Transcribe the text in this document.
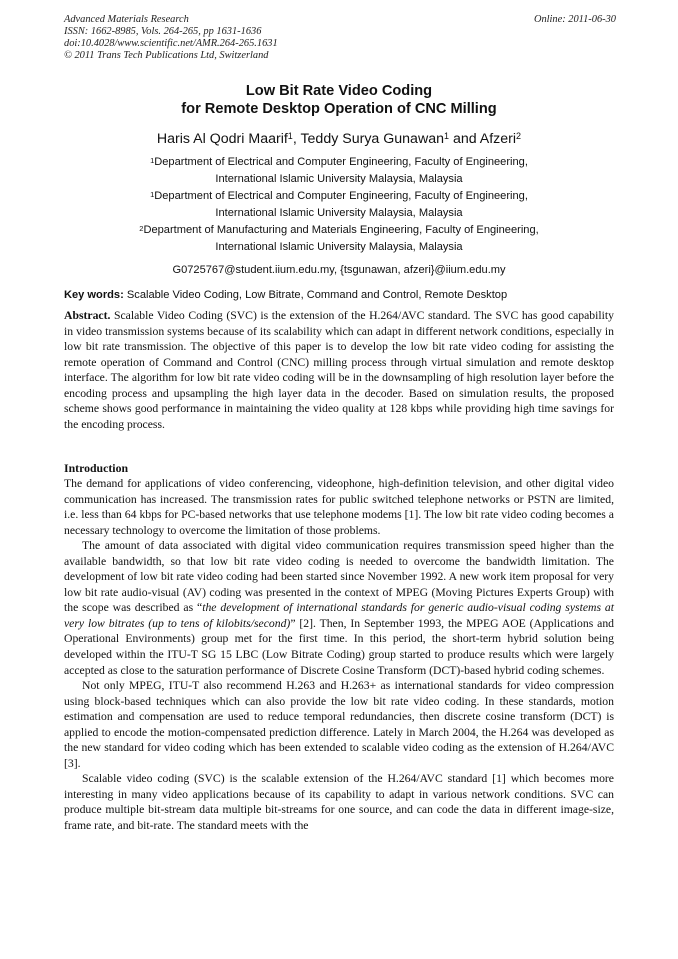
Advanced Materials Research
ISSN: 1662-8985, Vols. 264-265, pp 1631-1636
doi:10.4028/www.scientific.net/AMR.264-265.1631
© 2011 Trans Tech Publications Ltd, Switzerland
Online: 2011-06-30
Low Bit Rate Video Coding
for Remote Desktop Operation of CNC Milling
Haris Al Qodri Maarif$^1$, Teddy Surya Gunawan$^1$ and Afzeri$^2$
$^1$Department of Electrical and Computer Engineering, Faculty of Engineering,
International Islamic University Malaysia, Malaysia
$^1$Department of Electrical and Computer Engineering, Faculty of Engineering,
International Islamic University Malaysia, Malaysia
$^2$Department of Manufacturing and Materials Engineering, Faculty of Engineering,
International Islamic University Malaysia, Malaysia
G0725767@student.iium.edu.my, {tsgunawan, afzeri}@iium.edu.my
Key words: Scalable Video Coding, Low Bitrate, Command and Control, Remote Desktop

Abstract. Scalable Video Coding (SVC) is the extension of the H.264/AVC standard. The SVC has good capability in video transmission systems because of its scalability which can adapt in different network conditions, especially in low bit rate transmission. The objective of this paper is to develop the low bit rate video coding for assisting the remote operation of Command and Control (CNC) milling process through virtual simulation and remote desktop interface. The algorithm for low bit rate video coding will be in the downsampling of high resolution layer before the encoding process and upsampling the high layer data in the decoder. Based on simulation results, the proposed scheme shows good performance in maintaining the video quality at 128 kbps while providing high time savings for the encoding process.

Introduction

The demand for applications of video conferencing, videophone, high-definition television, and other digital video communication has increased. The transmission rates for public switched telephone networks or PSTN are limited, i.e. less than 64 kbps for PC-based networks that use telephone modems [1]. The low bit rate video coding becomes a necessary technology to overcome the limitation of those problems.

The amount of data associated with digital video communication requires transmission speed higher than the available bandwidth, so that low bit rate video coding is needed to overcome the bandwidth limitation. The development of low bit rate video coding had been started since November 1992. A new work item proposal for very low bit rate audio-visual (AV) coding was presented in the context of MPEG (Moving Pictures Experts Group) with the scope was described as “the development of international standards for generic audio-visual coding systems at very low bitrates (up to tens of kilobits/second)” [2]. Then, In September 1993, the MPEG AOE (Applications and Operational Environments) group met for the first time. In this period, the short-term hybrid solution being developed within the ITU-T SG 15 LBC (Low Bitrate Coding) group started to produce results which were largely accepted as close to the saturation performance of Discrete Cosine Transform (DCT)-based hybrid coding schemes.

Not only MPEG, ITU-T also recommend H.263 and H.263+ as international standards for video compression using block-based techniques which can also provide the low bit rate video coding. In these standards, motion estimation and compensation are used to reduce temporal redundancies, then discrete cosine transform (DCT) is applied to encode the motion-compensated prediction difference. Lately in March 2004, the H.264 was developed as the new standard for video coding which has been extended to scalable video coding as the extension of H.264/AVC [3].

Scalable video coding (SVC) is the scalable extension of the H.264/AVC standard [1] which becomes more interesting in many video applications because of its capability to adapt in various network conditions. SVC can produce multiple bit-stream data multiple bit-streams for one source, and can code the data in different image-size, frame rate, and bit-rate. The standard meets with the
